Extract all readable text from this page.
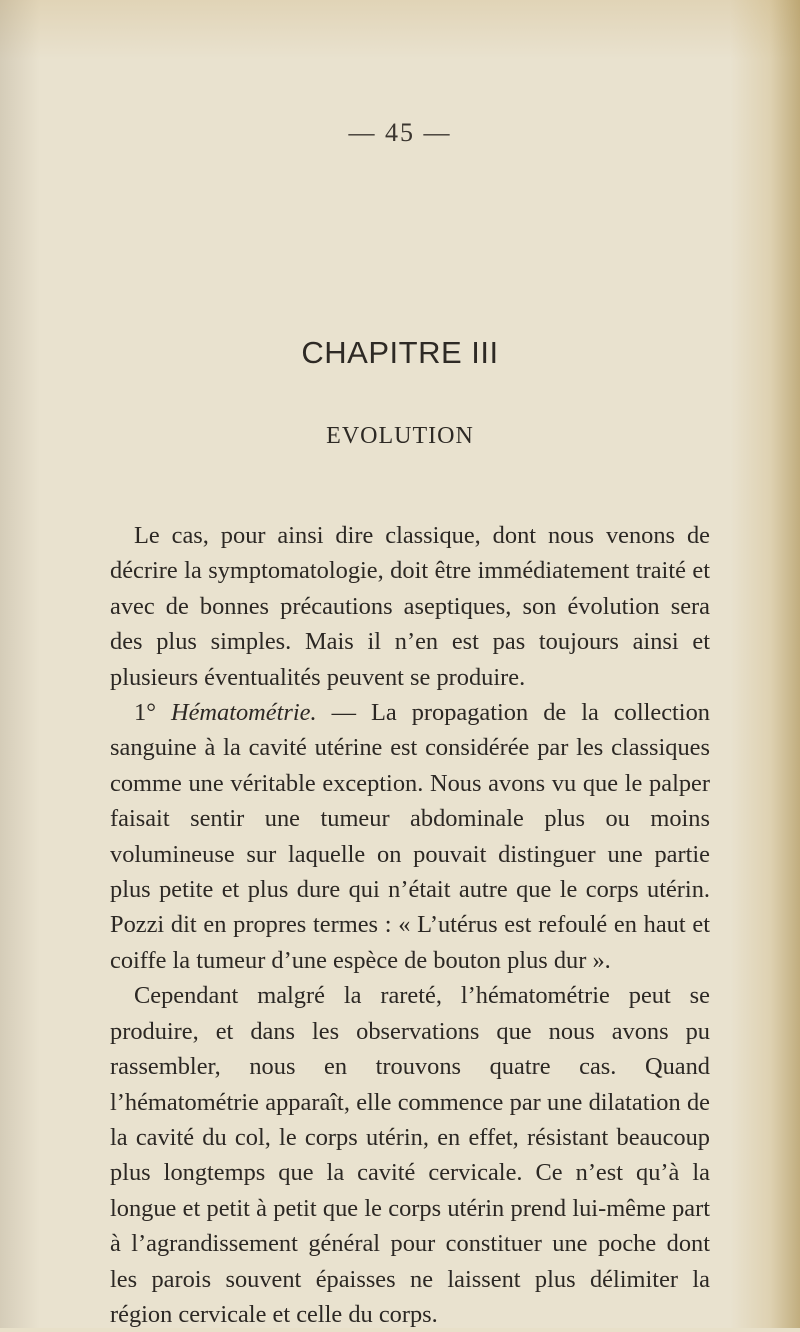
— 45 —
CHAPITRE III
EVOLUTION

Le cas, pour ainsi dire classique, dont nous venons de décrire la symptomatologie, doit être immédiatement traité et avec de bonnes précautions aseptiques, son évolution sera des plus simples. Mais il n’en est pas toujours ainsi et plusieurs éventualités peuvent se produire.

1° Hématométrie. — La propagation de la collection sanguine à la cavité utérine est considérée par les classiques comme une véritable exception. Nous avons vu que le palper faisait sentir une tumeur abdominale plus ou moins volumineuse sur laquelle on pouvait distinguer une partie plus petite et plus dure qui n’était autre que le corps utérin. Pozzi dit en propres termes : « L’utérus est refoulé en haut et coiffe la tumeur d’une espèce de bouton plus dur ».

Cependant malgré la rareté, l’hématométrie peut se produire, et dans les observations que nous avons pu rassembler, nous en trouvons quatre cas. Quand l’hématométrie apparaît, elle commence par une dilatation de la cavité du col, le corps utérin, en effet, résistant beaucoup plus longtemps que la cavité cervicale. Ce n’est qu’à la longue et petit à petit que le corps utérin prend lui-même part à l’agrandissement général pour constituer une poche dont les parois souvent épaisses ne laissent plus délimiter la région cervicale et celle du corps.
